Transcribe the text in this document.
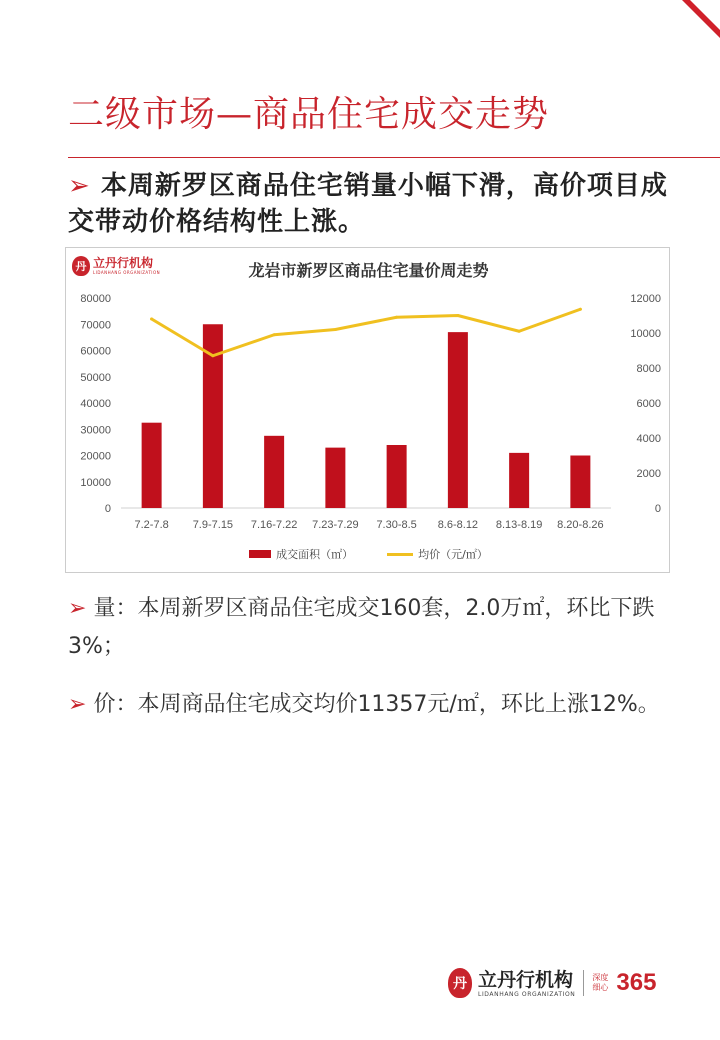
二级市场—商品住宅成交走势
➢ 本周新罗区商品住宅销量小幅下滑，高价项目成交带动价格结构性上涨。
丹 立丹行机构
LIDANHANG ORGANIZATION	龙岩市新罗区商品住宅量价周走势
0
10000
20000
30000
40000
50000
60000
70000
80000
0
2000
4000
6000
8000
10000
12000
7.2-7.8 7.9-7.15 7.16-7.22 7.23-7.29 7.30-8.5 8.6-8.12 8.13-8.19 8.20-8.26
成交面积（㎡）	均价（元/㎡）
➢ 量：本周新罗区商品住宅成交160套，2.0万㎡，环比下跌3%；
➢ 价：本周商品住宅成交均价11357元/㎡，环比上涨12%。
丹 立丹行机构
LIDANHANG ORGANIZATION
深度 细心 365
